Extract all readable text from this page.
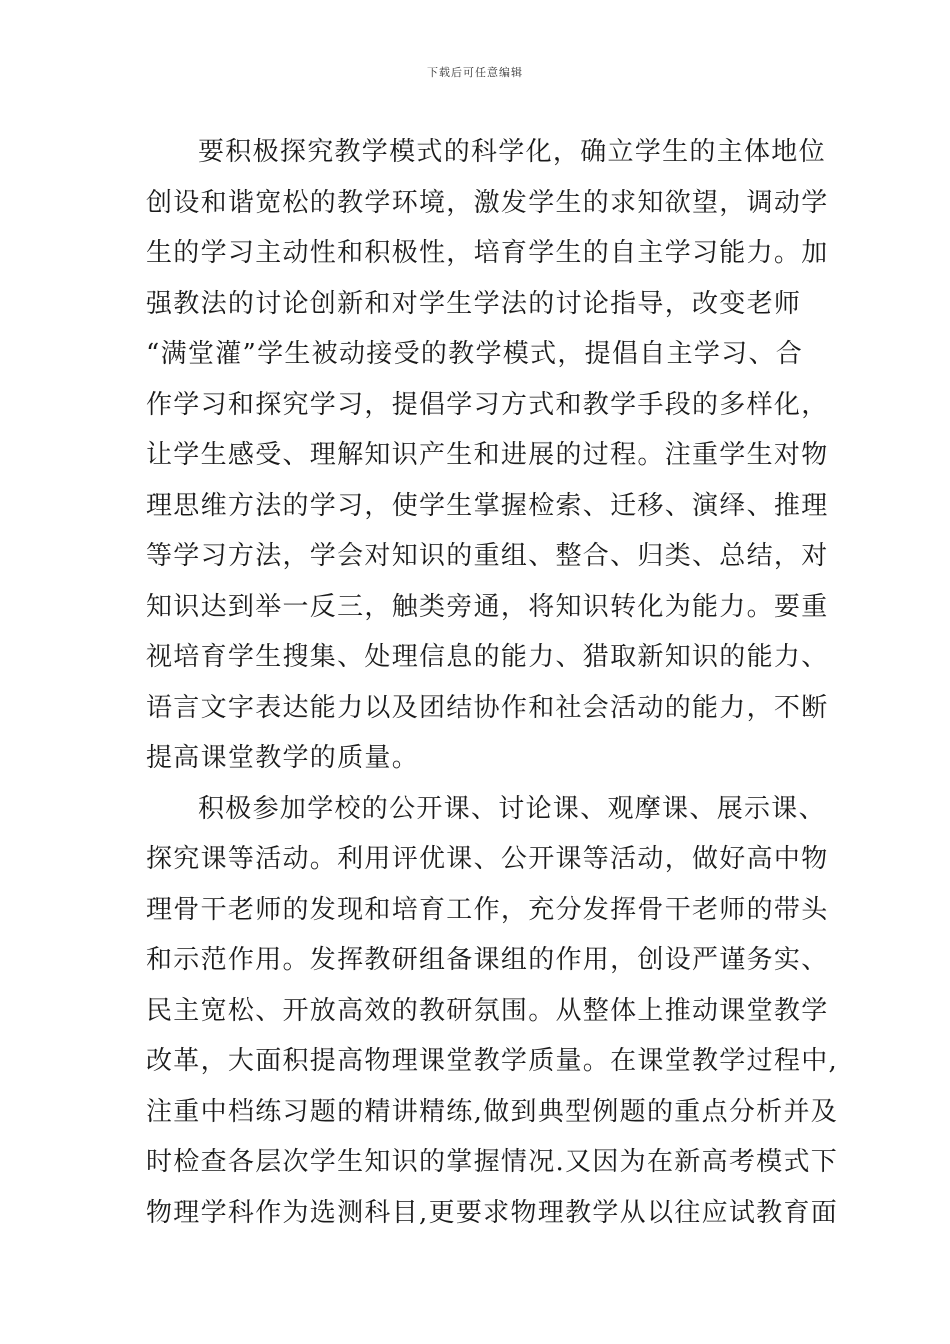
下载后可任意编辑
要积极探究教学模式的科学化，确立学生的主体地位
创设和谐宽松的教学环境，激发学生的求知欲望，调动学
生的学习主动性和积极性，培育学生的自主学习能力。加
强教法的讨论创新和对学生学法的讨论指导，改变老师
“满堂灌”学生被动接受的教学模式，提倡自主学习、合
作学习和探究学习，提倡学习方式和教学手段的多样化，
让学生感受、理解知识产生和进展的过程。注重学生对物
理思维方法的学习，使学生掌握检索、迁移、演绎、推理
等学习方法，学会对知识的重组、整合、归类、总结，对
知识达到举一反三，触类旁通，将知识转化为能力。要重
视培育学生搜集、处理信息的能力、猎取新知识的能力、
语言文字表达能力以及团结协作和社会活动的能力，不断
提高课堂教学的质量。
积极参加学校的公开课、讨论课、观摩课、展示课、
探究课等活动。利用评优课、公开课等活动，做好高中物
理骨干老师的发现和培育工作，充分发挥骨干老师的带头
和示范作用。发挥教研组备课组的作用，创设严谨务实、
民主宽松、开放高效的教研氛围。从整体上推动课堂教学
改革，大面积提高物理课堂教学质量。在课堂教学过程中,
注重中档练习题的精讲精练,做到典型例题的重点分析并及
时检查各层次学生知识的掌握情况.又因为在新高考模式下
物理学科作为选测科目,更要求物理教学从以往应试教育面
